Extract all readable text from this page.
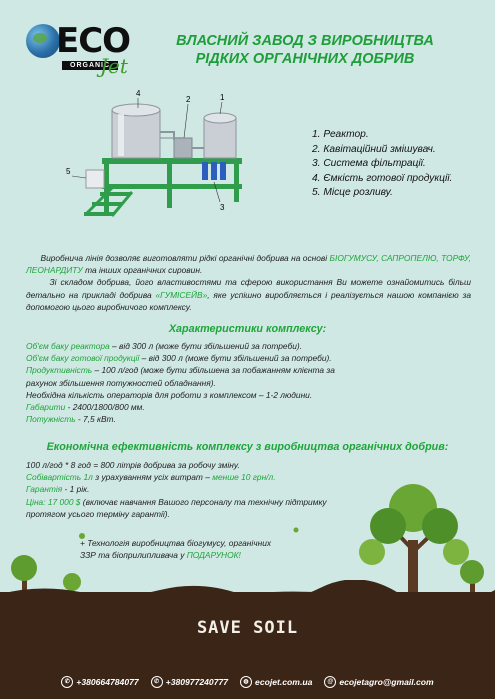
ECO
ORGANIC
Jet
ВЛАСНИЙ ЗАВОД З ВИРОБНИЦТВА
РІДКИХ ОРГАНІЧНИХ ДОБРИВ
4
2	1
3
5
1. Реактор.
2. Кавітаційний змішувач.
3. Система фільтрації.
4. Ємкість готової продукції.
5. Місце розливу.
Виробнича лінія дозволяє виготовляти рідкі органічні добрива на основі БІОГУМУСУ, САПРОПЕЛЮ, ТОРФУ, ЛЕОНАРДИТУ та інших органічних сировин.
Зі складом добрива, його властивостями та сферою використання Ви можете ознайомитись більш детально на прикладі добрива «ГУМІСЕЙВ», яке успішно виробляється і реалізується нашою компанією за допомогою цього виробничого комплексу.
Характеристики комплексу:
Об'єм баку реактора – від 300 л (може бути збільшений за потреби).
Об'єм баку готової продукції – від 300 л (може бути збільшений за потреби).
Продуктивність – 100 л/год (може бути збільшена за побажанням клієнта за рахунок збільшення потужностей обладнання).
Необхідна кількість операторів для роботи з комплексом – 1-2 людини.
Габарити - 2400/1800/800 мм.
Потужність - 7,5 кВт.
Економічна ефективність комплексу з виробництва органічних добрив:
100 л/год * 8 год = 800 літрів добрива за робочу зміну.
Собівартість 1л з урахуванням усіх витрат – менше 10 грн/л.
Гарантія - 1 рік.
Ціна: 17 000 $ (включає навчання Вашого персоналу та технічну підтримку протягом усього терміну гарантії).
+ Технологія виробництва біогумусу, органічних ЗЗР та біоприлипливача у ПОДАРУНОК!
SAVE SOIL
✆ +380664784077	✆ +380977240777	◍ ecojet.com.ua	@ ecojetagro@gmail.com
